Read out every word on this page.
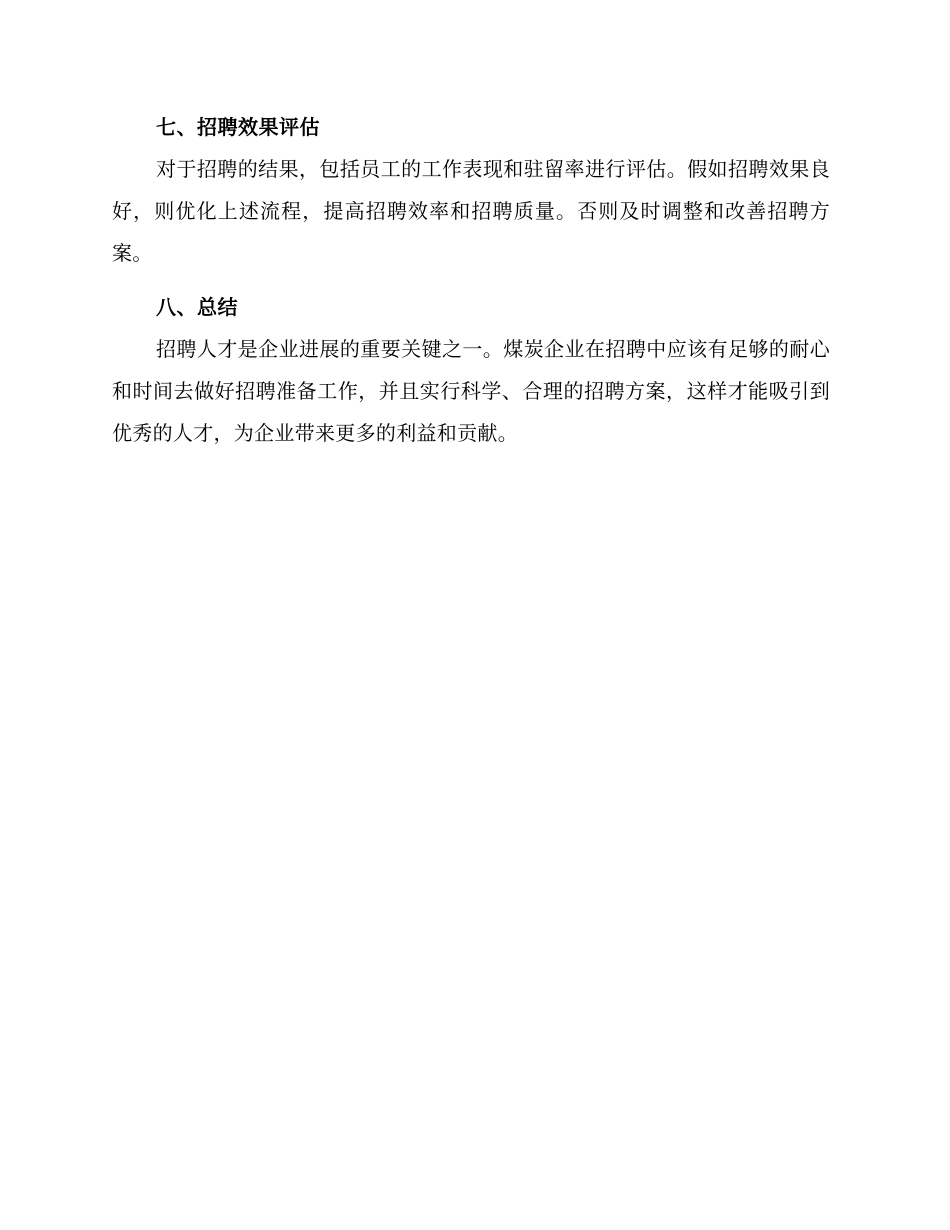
七、招聘效果评估

对于招聘的结果，包括员工的工作表现和驻留率进行评估。假如招聘效果良好，则优化上述流程，提高招聘效率和招聘质量。否则及时调整和改善招聘方案。

八、总结

招聘人才是企业进展的重要关键之一。煤炭企业在招聘中应该有足够的耐心和时间去做好招聘准备工作，并且实行科学、合理的招聘方案，这样才能吸引到优秀的人才，为企业带来更多的利益和贡献。
